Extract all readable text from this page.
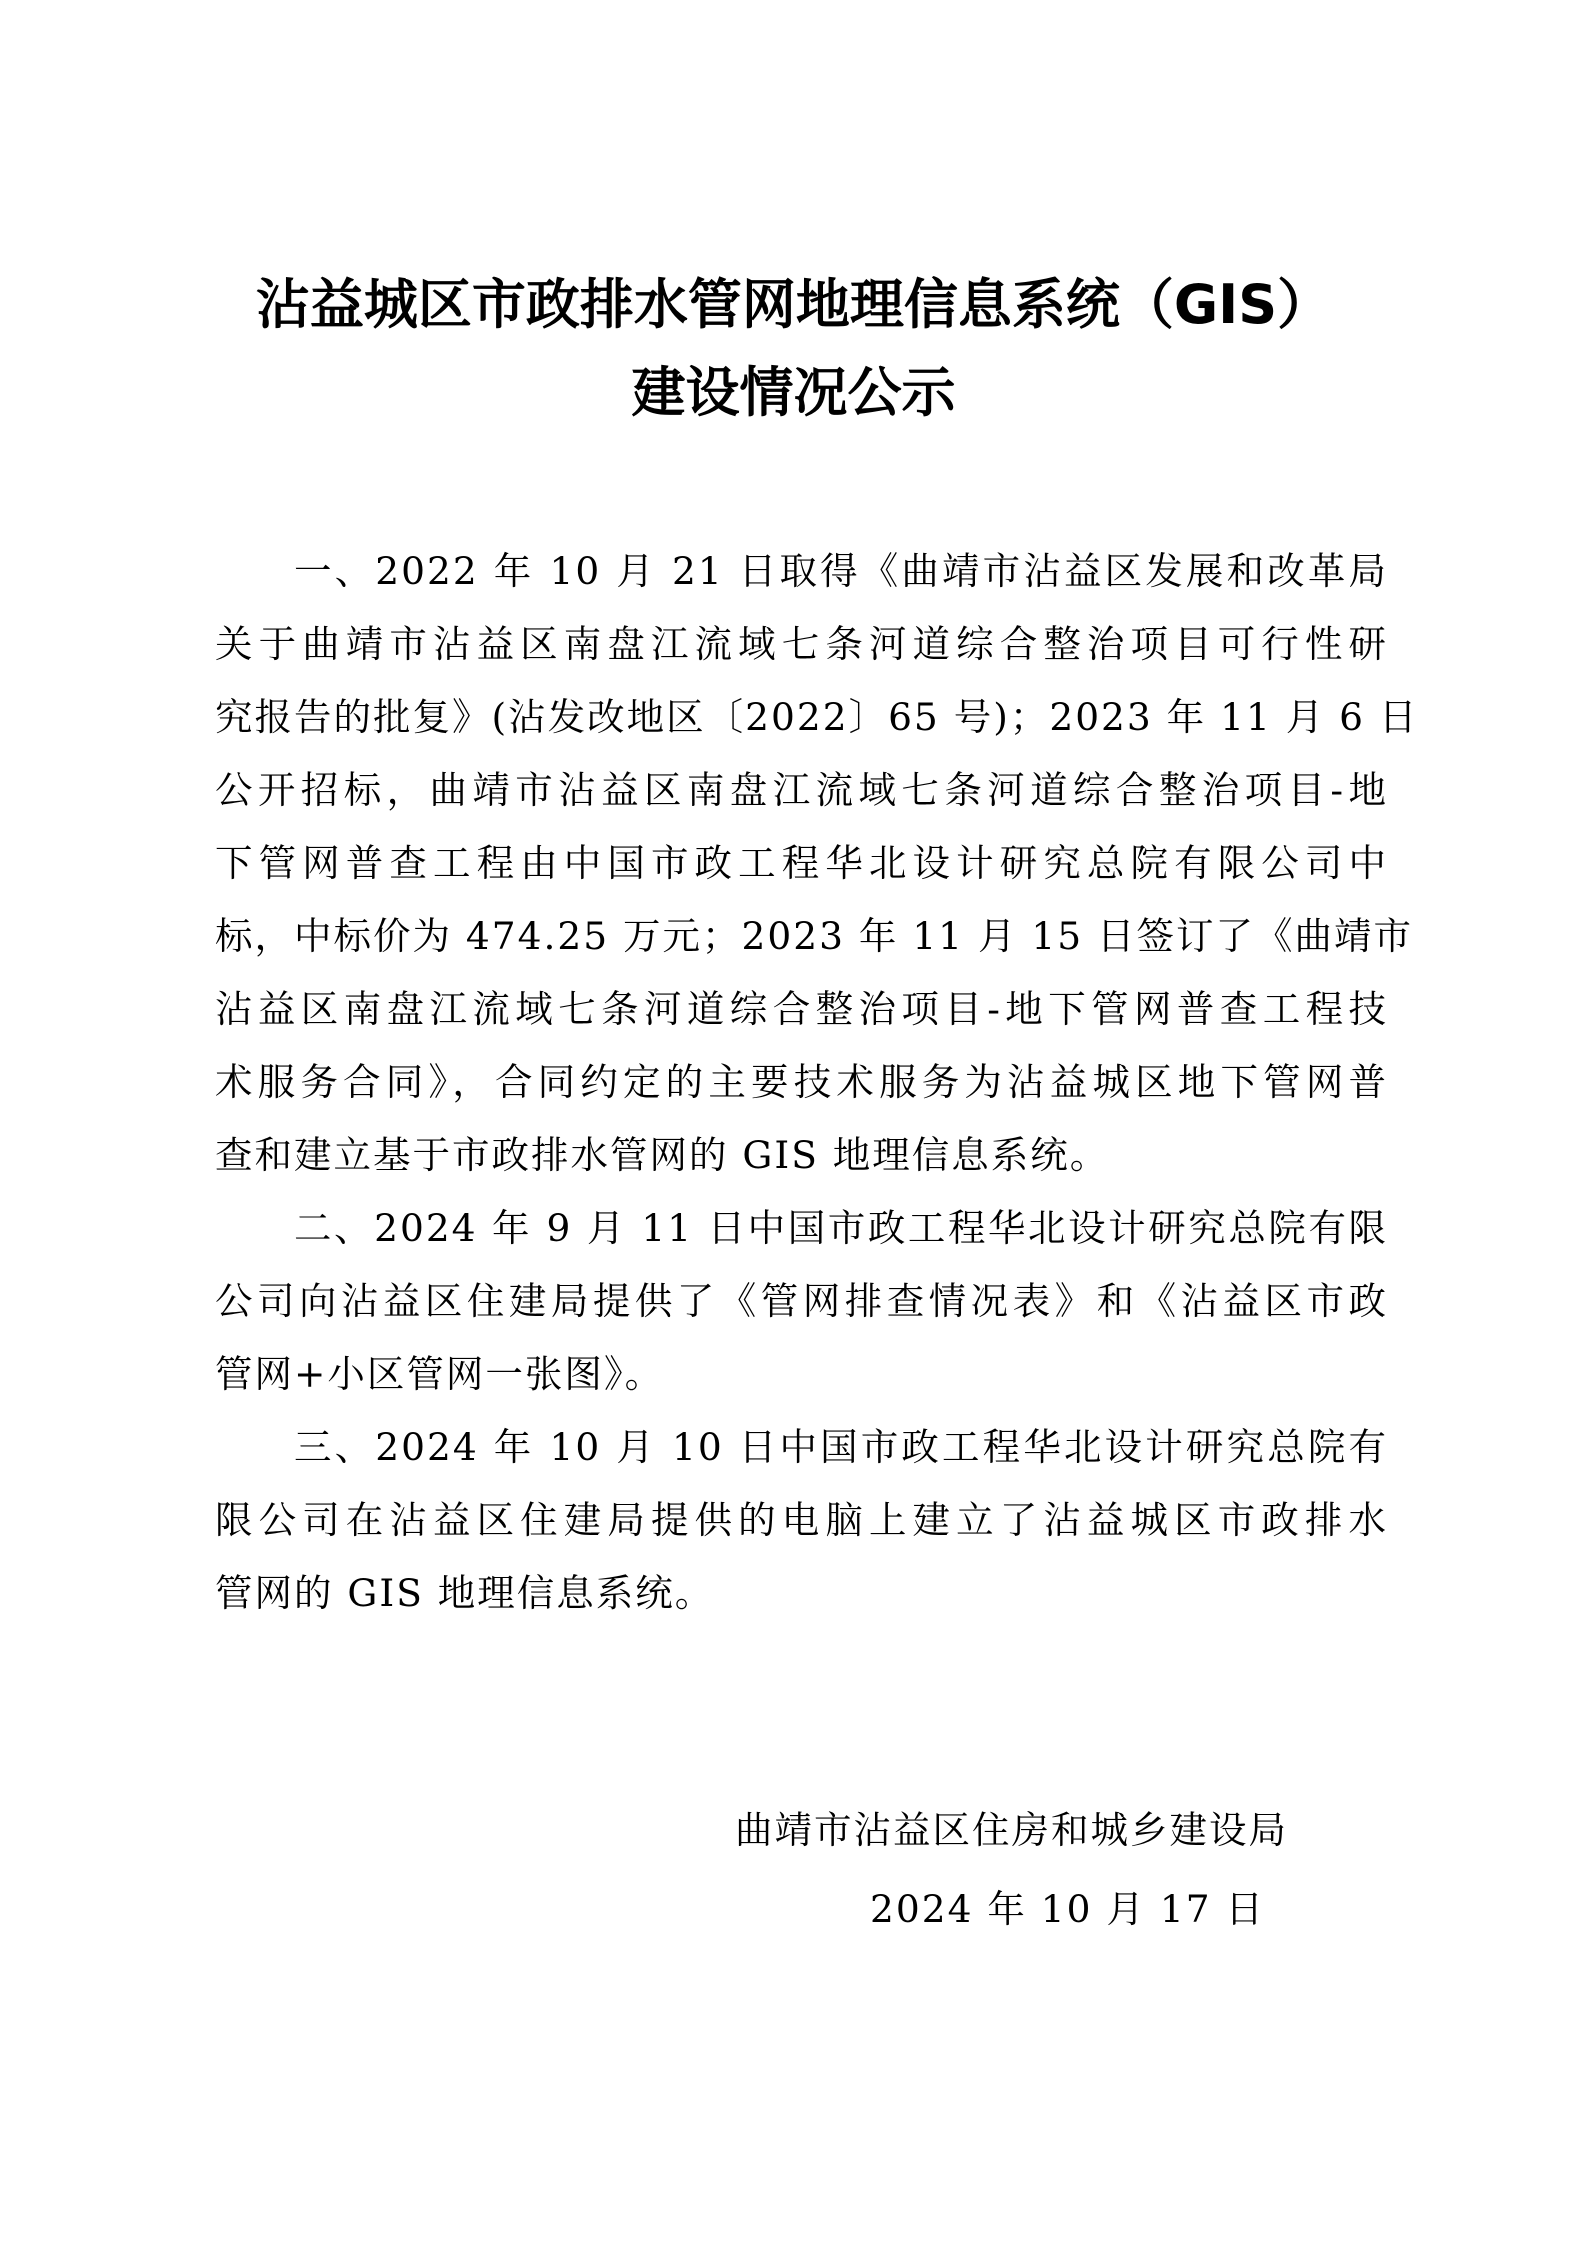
沾益城区市政排水管网地理信息系统（GIS）
建设情况公示
一、2022 年 10 月 21 日取得《曲靖市沾益区发展和改革局
关于曲靖市沾益区南盘江流域七条河道综合整治项目可行性研
究报告的批复》(沾发改地区〔2022〕65 号)；2023 年 11 月 6 日
公开招标，曲靖市沾益区南盘江流域七条河道综合整治项目-地
下管网普查工程由中国市政工程华北设计研究总院有限公司中
标，中标价为 474.25 万元；2023 年 11 月 15 日签订了《曲靖市
沾益区南盘江流域七条河道综合整治项目-地下管网普查工程技
术服务合同》，合同约定的主要技术服务为沾益城区地下管网普
查和建立基于市政排水管网的 GIS 地理信息系统。
二、2024 年 9 月 11 日中国市政工程华北设计研究总院有限
公司向沾益区住建局提供了《管网排查情况表》和《沾益区市政
管网+小区管网一张图》。
三、2024 年 10 月 10 日中国市政工程华北设计研究总院有
限公司在沾益区住建局提供的电脑上建立了沾益城区市政排水
管网的 GIS 地理信息系统。
曲靖市沾益区住房和城乡建设局
2024 年 10 月 17 日
